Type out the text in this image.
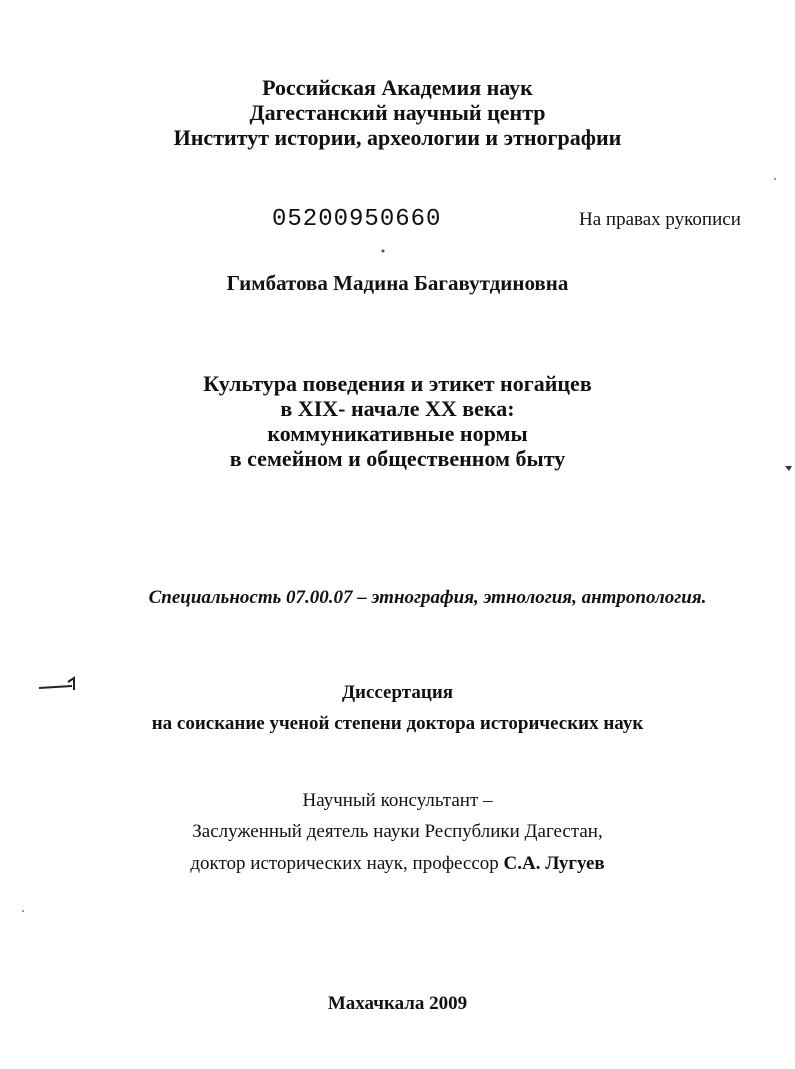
Российская Академия наук
Дагестанский научный центр
Институт истории, археологии и этнографии
05200950660	На правах рукописи
Гимбатова Мадина Багавутдиновна
Культура поведения и этикет ногайцев
в XIX- начале XX века:
коммуникативные нормы
в семейном и общественном быту
Специальность 07.00.07 – этнография, этнология, антропология.
Диссертация
на соискание ученой степени доктора исторических наук
Научный консультант –
Заслуженный деятель науки Республики Дагестан,
доктор исторических наук, профессор С.А. Лугуев
Махачкала 2009
